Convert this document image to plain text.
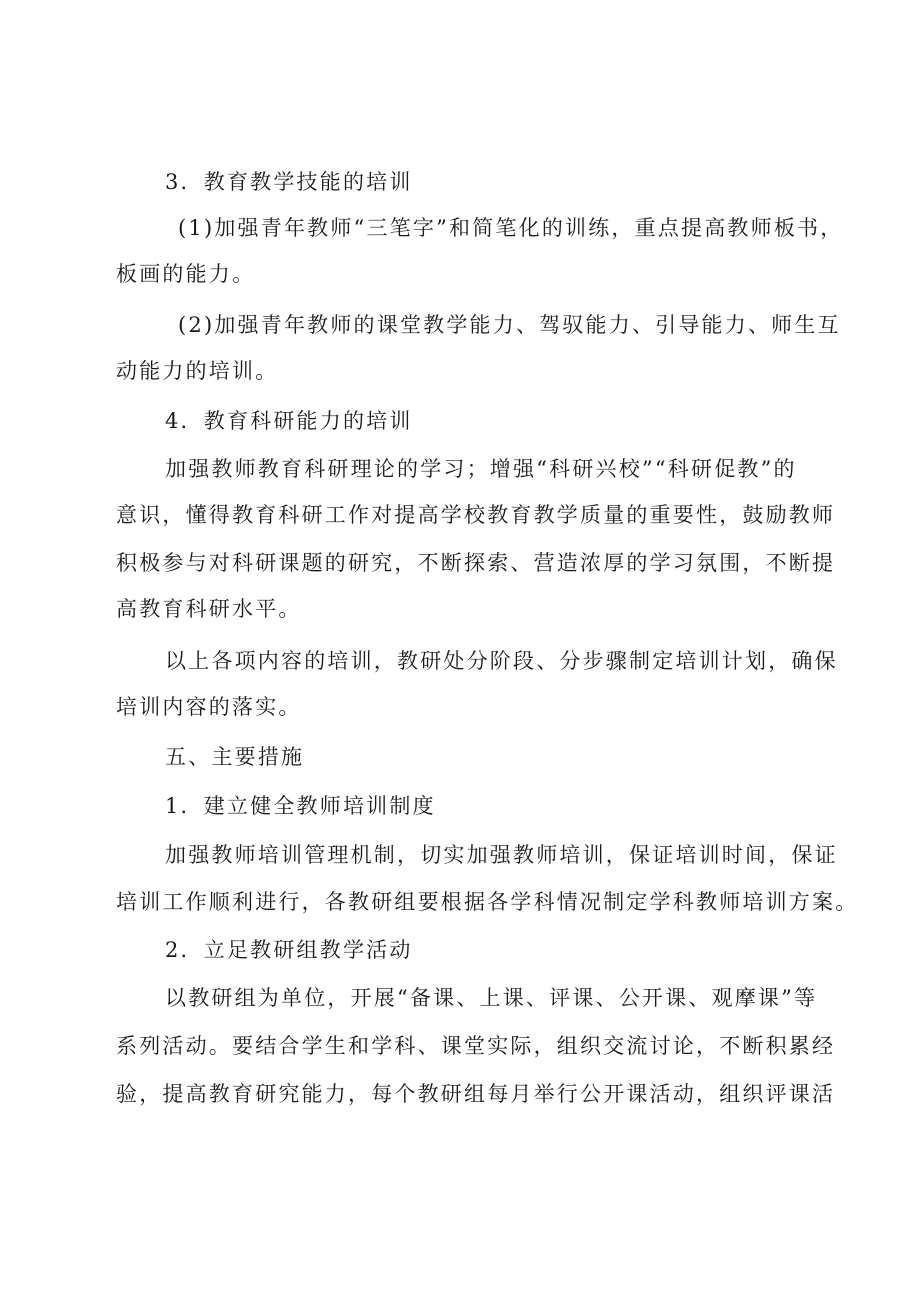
3．教育教学技能的培训
(1)加强青年教师“三笔字”和简笔化的训练，重点提高教师板书，
板画的能力。
(2)加强青年教师的课堂教学能力、驾驭能力、引导能力、师生互
动能力的培训。
4．教育科研能力的培训
加强教师教育科研理论的学习；增强“科研兴校”“科研促教”的
意识，懂得教育科研工作对提高学校教育教学质量的重要性，鼓励教师
积极参与对科研课题的研究，不断探索、营造浓厚的学习氛围，不断提
高教育科研水平。
以上各项内容的培训，教研处分阶段、分步骤制定培训计划，确保
培训内容的落实。
五、主要措施
1．建立健全教师培训制度
加强教师培训管理机制，切实加强教师培训，保证培训时间，保证
培训工作顺利进行，各教研组要根据各学科情况制定学科教师培训方案。
2．立足教研组教学活动
以教研组为单位，开展“备课、上课、评课、公开课、观摩课”等
系列活动。要结合学生和学科、课堂实际，组织交流讨论，不断积累经
验，提高教育研究能力，每个教研组每月举行公开课活动，组织评课活
